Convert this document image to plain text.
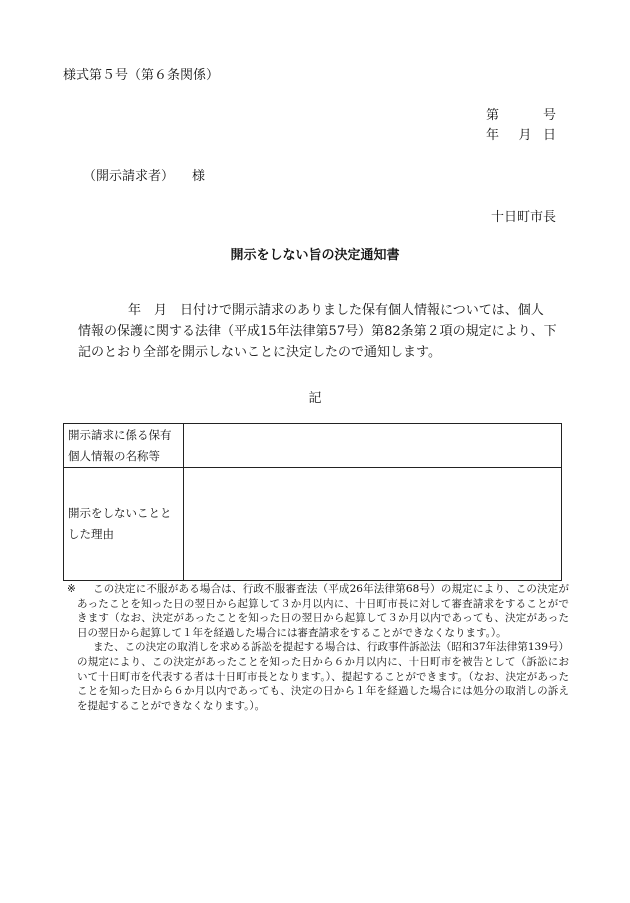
様式第５号（第６条関係）
第	号
年 月 日
（開示請求者） 様
十日町市長
開示をしない旨の決定通知書
年　月　日付けで開示請求のありました保有個人情報については、個人
情報の保護に関する法律（平成15年法律第57号）第82条第２項の規定により、下
記のとおり全部を開示しないことに決定したので通知します。
記
開示請求に係る保有
個人情報の名称等	

開示をしないことと
した理由	

※	この決定に不服がある場合は、行政不服審査法（平成26年法律第68号）の規定により、この決定があったことを知った日の翌日から起算して３か月以内に、十日町市長に対して審査請求をすることができます（なお、決定があったことを知った日の翌日から起算して３か月以内であっても、決定があった日の翌日から起算して１年を経過した場合には審査請求をすることができなくなります。）。

また、この決定の取消しを求める訴訟を提起する場合は、行政事件訴訟法（昭和37年法律第139号）の規定により、この決定があったことを知った日から６か月以内に、十日町市を被告として（訴訟において十日町市を代表する者は十日町市長となります。）、提起することができます。（なお、決定があったことを知った日から６か月以内であっても、決定の日から１年を経過した場合には処分の取消しの訴えを提起することができなくなります。）。
